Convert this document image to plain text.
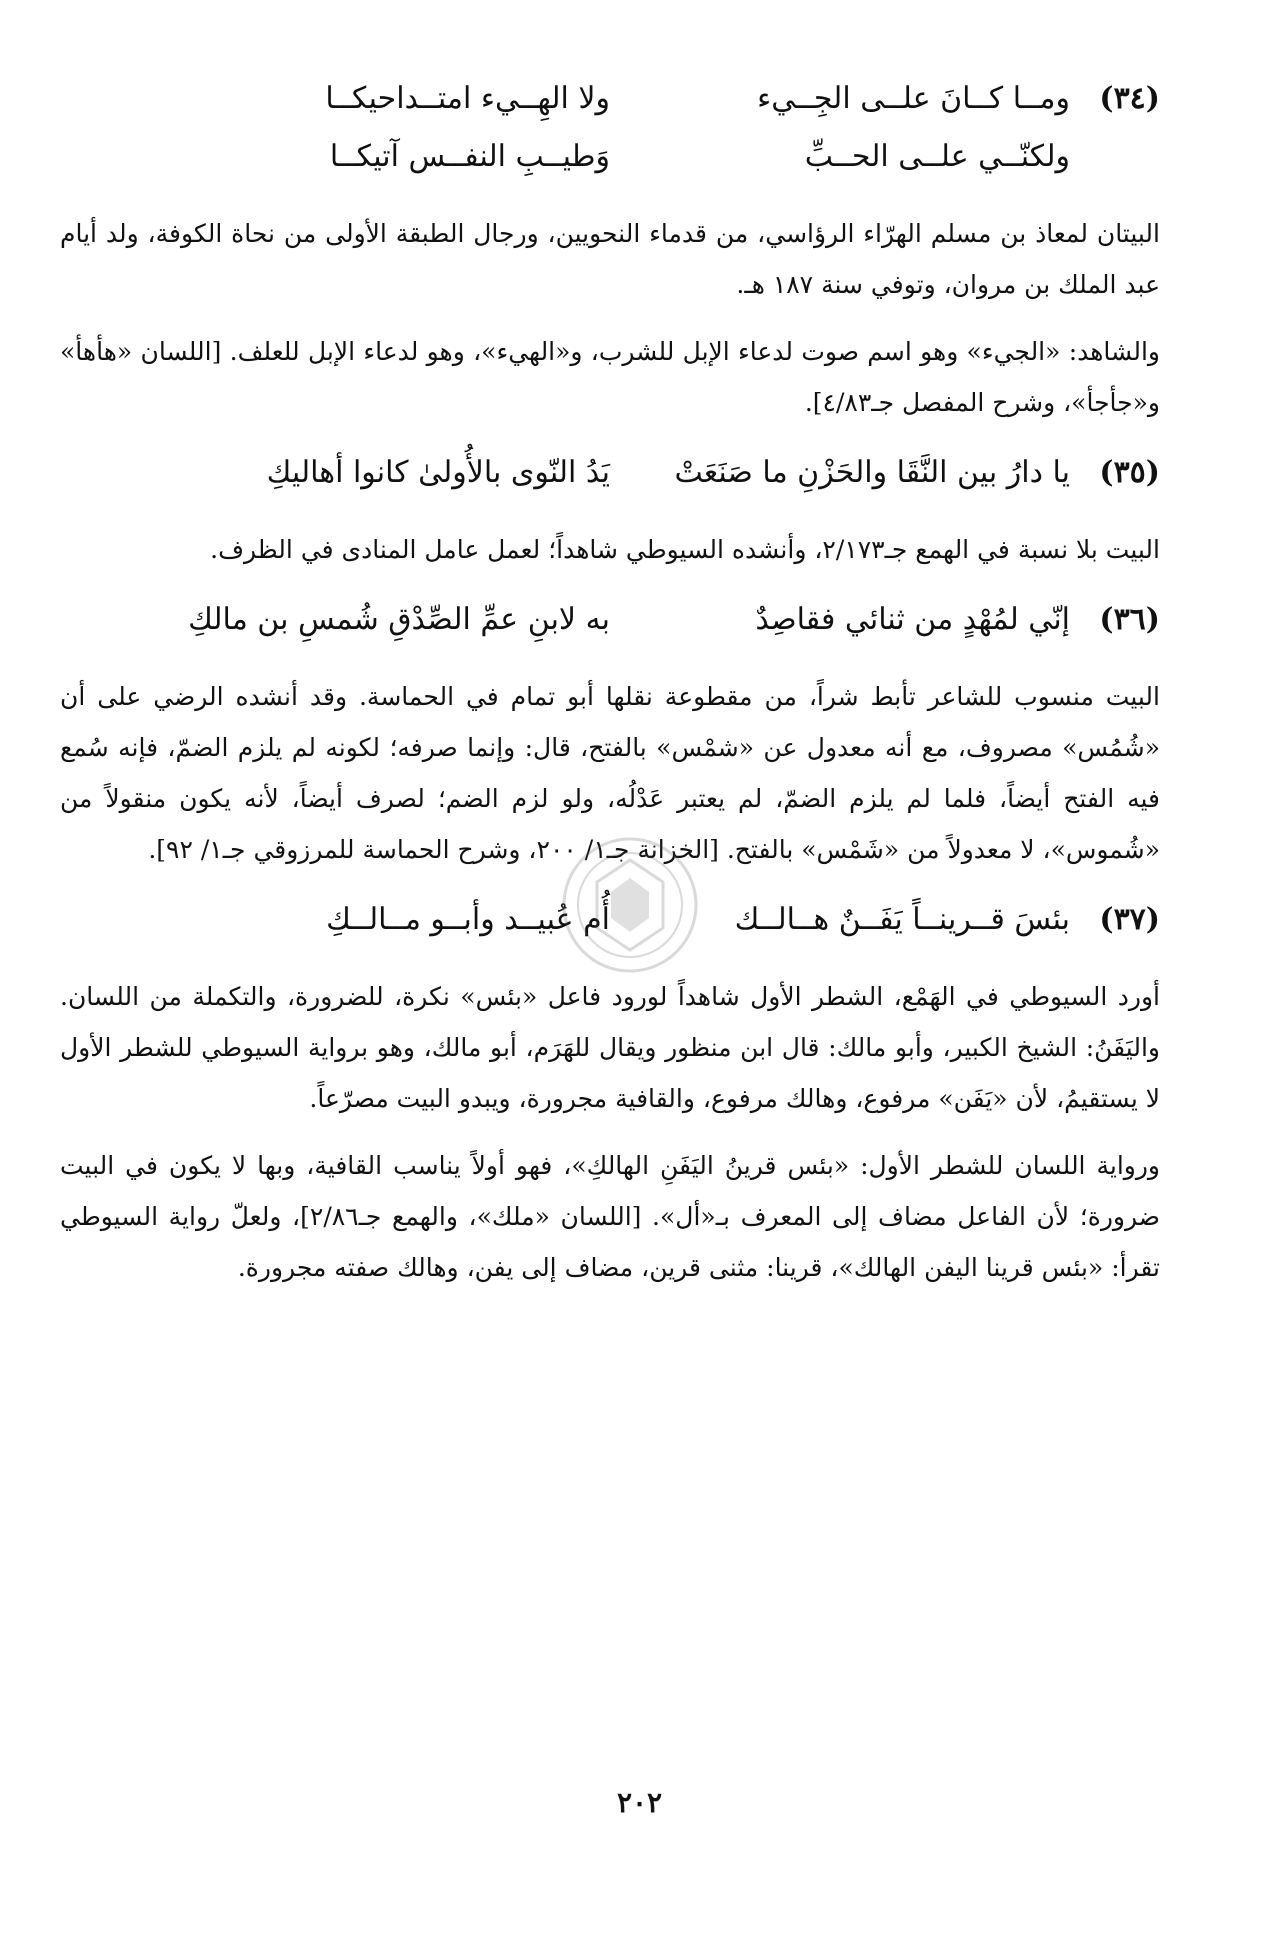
(٣٤)
ومــا كــانَ علــى الجِــيء
ولا الهِــيء امتــداحيكــا
ولكنّــي علــى الحــبِّ
وَطيــبِ النفــس آتيكــا

البيتان لمعاذ بن مسلم الهرّاء الرؤاسي، من قدماء النحويين، ورجال الطبقة الأولى من نحاة الكوفة، ولد أيام عبد الملك بن مروان، وتوفي سنة ١٨٧ هـ.

والشاهد: «الجيء» وهو اسم صوت لدعاء الإبل للشرب، و«الهيء»، وهو لدعاء الإبل للعلف. [اللسان «هأهأ» و«جأجأ»، وشرح المفصل جـ٤/٨٣].

(٣٥)
يا دارُ بين النَّقَا والحَزْنِ ما صَنَعَتْ
يَدُ النّوى بالأُولىٰ كانوا أهاليكِ

البيت بلا نسبة في الهمع جـ٢/١٧٣، وأنشده السيوطي شاهداً؛ لعمل عامل المنادى في الظرف.

(٣٦)
إنّي لمُهْدٍ من ثنائي فقاصِدٌ
به لابنِ عمِّ الصِّدْقِ شُمسِ بن مالكِ

البيت منسوب للشاعر تأبط شراً، من مقطوعة نقلها أبو تمام في الحماسة. وقد أنشده الرضي على أن «شُمُس» مصروف، مع أنه معدول عن «شمْس» بالفتح، قال: وإنما صرفه؛ لكونه لم يلزم الضمّ، فإنه سُمع فيه الفتح أيضاً، فلما لم يلزم الضمّ، لم يعتبر عَدْلُه، ولو لزم الضم؛ لصرف أيضاً، لأنه يكون منقولاً من «شُموس»، لا معدولاً من «شَمْس» بالفتح. [الخزانة جـ١/ ٢٠٠، وشرح الحماسة للمرزوقي جـ١/ ٩٢].

(٣٧)
بئسَ قــرينــاً يَفَــنٌ هــالــك
أُم عُبيــد وأبــو مــالــكِ

أورد السيوطي في الهَمْع، الشطر الأول شاهداً لورود فاعل «بئس» نكرة، للضرورة، والتكملة من اللسان. واليَفَنُ: الشيخ الكبير، وأبو مالك: قال ابن منظور ويقال للهَرَم، أبو مالك، وهو برواية السيوطي للشطر الأول لا يستقيمُ، لأن «يَفَن» مرفوع، وهالك مرفوع، والقافية مجرورة، ويبدو البيت مصرّعاً.

ورواية اللسان للشطر الأول: «بئس قرينُ اليَفَنِ الهالكِ»، فهو أولاً يناسب القافية، وبها لا يكون في البيت ضرورة؛ لأن الفاعل مضاف إلى المعرف بـ«أل». [اللسان «ملك»، والهمع جـ٢/٨٦]، ولعلّ رواية السيوطي تقرأ: «بئس قرينا اليفن الهالك»، قرينا: مثنى قرين، مضاف إلى يفن، وهالك صفته مجرورة.

٢٠٢
